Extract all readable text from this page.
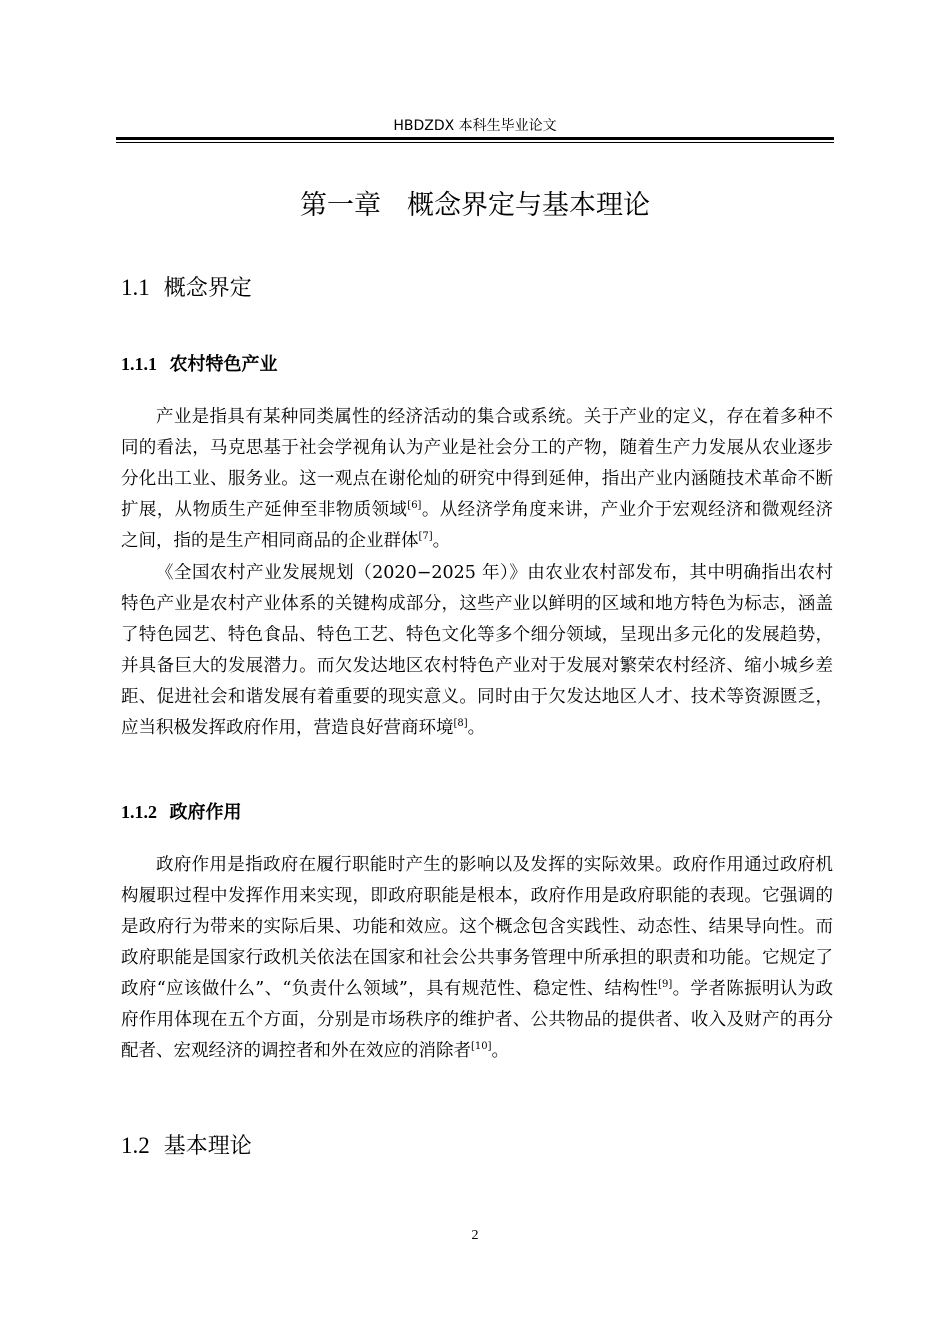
HBDZDX 本科生毕业论文
第一章 概念界定与基本理论
1.1 概念界定
1.1.1 农村特色产业

产业是指具有某种同类属性的经济活动的集合或系统。关于产业的定义，存在着多种不同的看法，马克思基于社会学视角认为产业是社会分工的产物，随着生产力发展从农业逐步分化出工业、服务业。这一观点在谢伦灿的研究中得到延伸，指出产业内涵随技术革命不断扩展，从物质生产延伸至非物质领域[6]。从经济学角度来讲，产业介于宏观经济和微观经济之间，指的是生产相同商品的企业群体[7]。

《全国农村产业发展规划（2020−2025 年）》由农业农村部发布，其中明确指出农村特色产业是农村产业体系的关键构成部分，这些产业以鲜明的区域和地方特色为标志，涵盖了特色园艺、特色食品、特色工艺、特色文化等多个细分领域，呈现出多元化的发展趋势，并具备巨大的发展潜力。而欠发达地区农村特色产业对于发展对繁荣农村经济、缩小城乡差距、促进社会和谐发展有着重要的现实意义。同时由于欠发达地区人才、技术等资源匮乏，应当积极发挥政府作用，营造良好营商环境[8]。

1.1.2 政府作用

政府作用是指政府在履行职能时产生的影响以及发挥的实际效果。政府作用通过政府机构履职过程中发挥作用来实现，即政府职能是根本，政府作用是政府职能的表现。它强调的是政府行为带来的实际后果、功能和效应。这个概念包含实践性、动态性、结果导向性。而政府职能是国家行政机关依法在国家和社会公共事务管理中所承担的职责和功能。它规定了政府“应该做什么”、“负责什么领域”，具有规范性、稳定性、结构性[9]。学者陈振明认为政府作用体现在五个方面，分别是市场秩序的维护者、公共物品的提供者、收入及财产的再分配者、宏观经济的调控者和外在效应的消除者[10]。

1.2 基本理论
2
